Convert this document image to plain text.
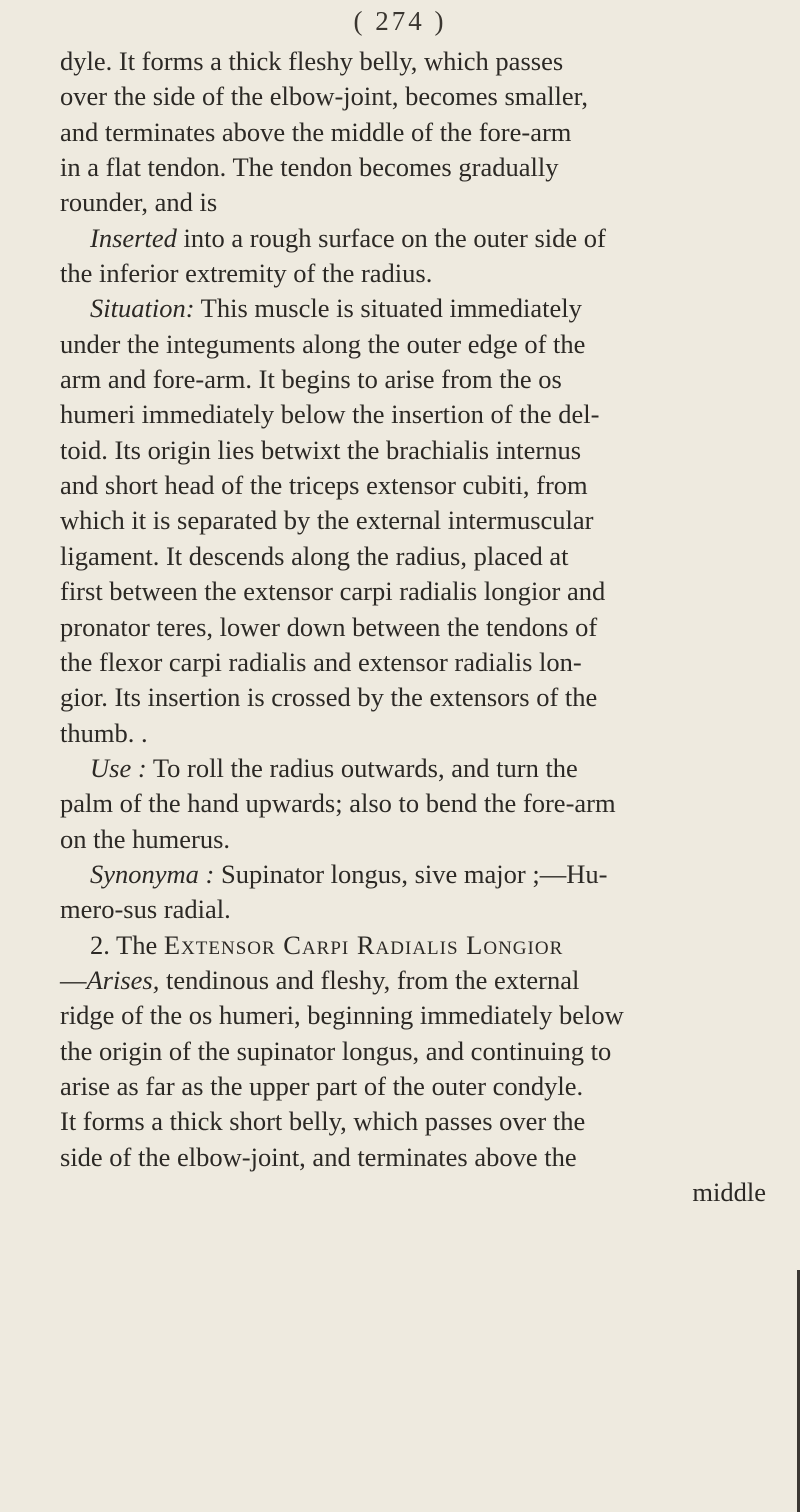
( 274 )
dyle. It forms a thick fleshy belly, which passes
over the side of the elbow-joint, becomes smaller,
and terminates above the middle of the fore-arm
in a flat tendon. The tendon becomes gradually
rounder, and is
Inserted into a rough surface on the outer side of
the inferior extremity of the radius.
Situation: This muscle is situated immediately
under the integuments along the outer edge of the
arm and fore-arm. It begins to arise from the os
humeri immediately below the insertion of the del-
toid. Its origin lies betwixt the brachialis internus
and short head of the triceps extensor cubiti, from
which it is separated by the external intermuscular
ligament. It descends along the radius, placed at
first between the extensor carpi radialis longior and
pronator teres, lower down between the tendons of
the flexor carpi radialis and extensor radialis lon-
gior. Its insertion is crossed by the extensors of the
thumb. .
Use : To roll the radius outwards, and turn the
palm of the hand upwards; also to bend the fore-arm
on the humerus.
Synonyma : Supinator longus, sive major ;—Hu-
mero-sus radial.
2. The Extensor Carpi Radialis Longior
—Arises, tendinous and fleshy, from the external
ridge of the os humeri, beginning immediately below
the origin of the supinator longus, and continuing to
arise as far as the upper part of the outer condyle.
It forms a thick short belly, which passes over the
side of the elbow-joint, and terminates above the
middle
